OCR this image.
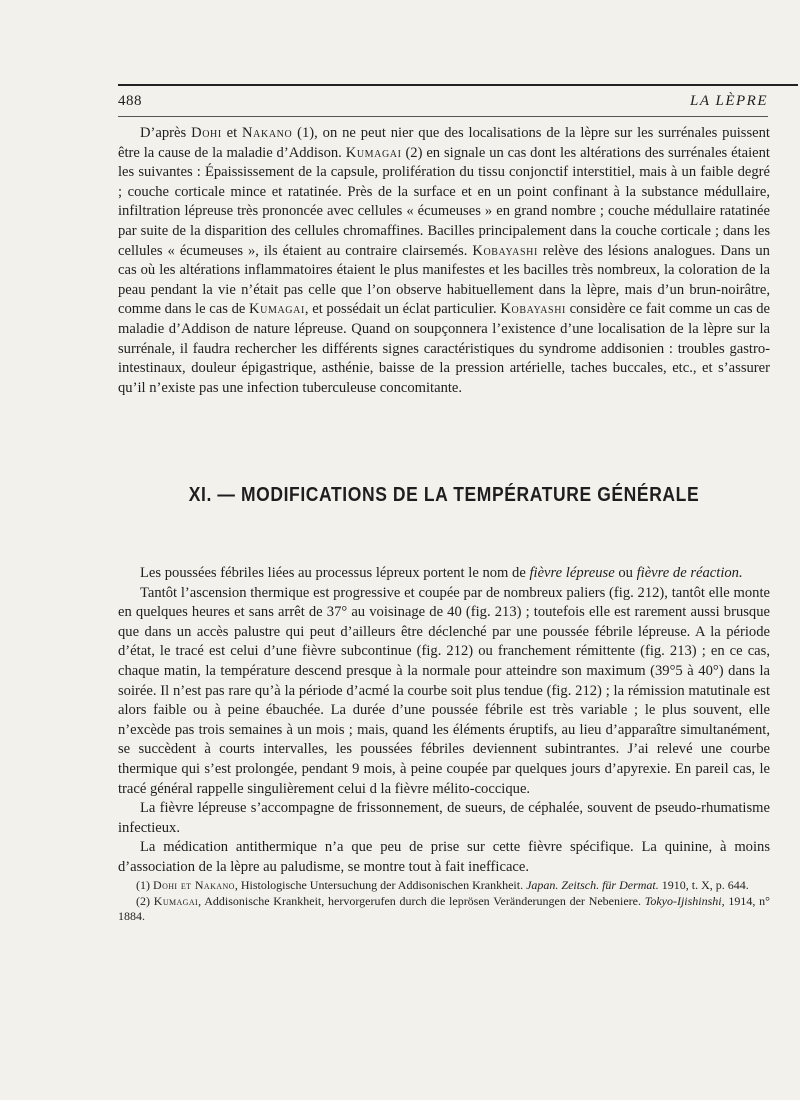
488	LA LÈPRE

D’après Dohi et Nakano (1), on ne peut nier que des localisations de la lèpre sur les surrénales puissent être la cause de la maladie d’Addison. Kumagai (2) en signale un cas dont les altérations des surrénales étaient les suivantes : Épaississement de la capsule, prolifération du tissu conjonctif interstitiel, mais à un faible degré ; couche corticale mince et ratatinée. Près de la surface et en un point confinant à la substance médullaire, infiltration lépreuse très prononcée avec cellules « écumeuses » en grand nombre ; couche médullaire ratatinée par suite de la disparition des cellules chromaffines. Bacilles principalement dans la couche corticale ; dans les cellules « écumeuses », ils étaient au contraire clairsemés. Kobayashi relève des lésions analogues. Dans un cas où les altérations inflammatoires étaient le plus manifestes et les bacilles très nombreux, la coloration de la peau pendant la vie n’était pas celle que l’on observe habituellement dans la lèpre, mais d’un brun-noirâtre, comme dans le cas de Kumagai, et possédait un éclat particulier. Kobayashi considère ce fait comme un cas de maladie d’Addison de nature lépreuse. Quand on soupçonnera l’existence d’une localisation de la lèpre sur la surrénale, il faudra rechercher les différents signes caractéristiques du syndrome addisonien : troubles gastro-intestinaux, douleur épigastrique, asthénie, baisse de la pression artérielle, taches buccales, etc., et s’assurer qu’il n’existe pas une infection tuberculeuse concomitante.

XI. — MODIFICATIONS DE LA TEMPÉRATURE GÉNÉRALE

Les poussées fébriles liées au processus lépreux portent le nom de fièvre lépreuse ou fièvre de réaction.

Tantôt l’ascension thermique est progressive et coupée par de nombreux paliers (fig. 212), tantôt elle monte en quelques heures et sans arrêt de 37° au voisinage de 40 (fig. 213) ; toutefois elle est rarement aussi brusque que dans un accès palustre qui peut d’ailleurs être déclenché par une poussée fébrile lépreuse. A la période d’état, le tracé est celui d’une fièvre subcontinue (fig. 212) ou franchement rémittente (fig. 213) ; en ce cas, chaque matin, la température descend presque à la normale pour atteindre son maximum (39°5 à 40°) dans la soirée. Il n’est pas rare qu’à la période d’acmé la courbe soit plus tendue (fig. 212) ; la rémission matutinale est alors faible ou à peine ébauchée. La durée d’une poussée fébrile est très variable ; le plus souvent, elle n’excède pas trois semaines à un mois ; mais, quand les éléments éruptifs, au lieu d’apparaître simultanément, se succèdent à courts intervalles, les poussées fébriles deviennent subintrantes. J’ai relevé une courbe thermique qui s’est prolongée, pendant 9 mois, à peine coupée par quelques jours d’apyrexie. En pareil cas, le tracé général rappelle singulièrement celui d la fièvre mélito-coccique.

La fièvre lépreuse s’accompagne de frissonnement, de sueurs, de céphalée, souvent de pseudo-rhumatisme infectieux.

La médication antithermique n’a que peu de prise sur cette fièvre spécifique. La quinine, à moins d’association de la lèpre au paludisme, se montre tout à fait inefficace.

(1) Dohi et Nakano, Histologische Untersuchung der Addisonischen Krankheit. Japan. Zeitsch. für Dermat. 1910, t. X, p. 644.

(2) Kumagai, Addisonische Krankheit, hervorgerufen durch die leprösen Veränderungen der Nebeniere. Tokyo-Ijishinshi, 1914, n° 1884.
